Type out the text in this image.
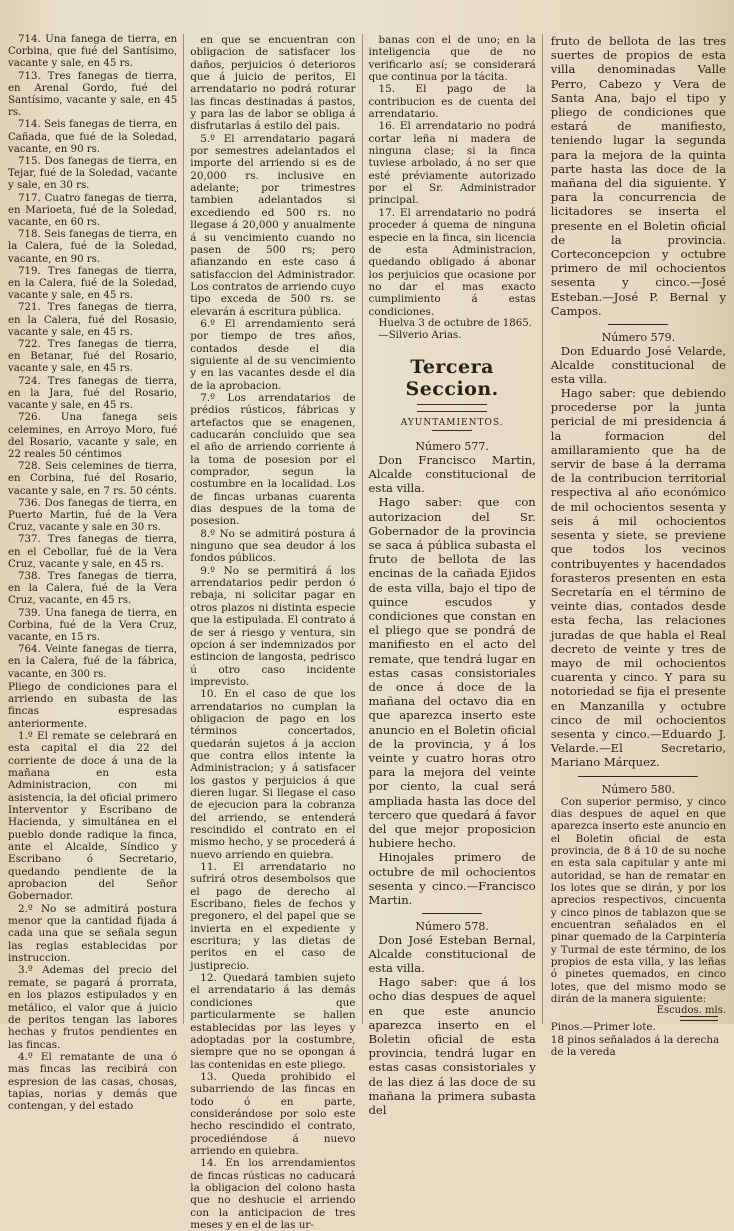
714. Una fanega de tierra, en Corbina, que fué del Santísimo, vacante y sale, en 45 rs.

713. Tres fanegas de tierra, en Arenal Gordo, fué del Santísimo, vacante y sale, en 45 rs.

714. Seis fanegas de tierra, en Cañada, que fué de la Soledad, vacante, en 90 rs.

715. Dos fanegas de tierra, en Tejar, fué de la Soledad, vacante y sale, en 30 rs.

717. Cuatro fanegas de tierra, en Marioeta, fué de la Soledad, vacante, en 60 rs.

718. Seis fanegas de tierra, en la Calera, fué de la Soledad, vacante, en 90 rs.

719. Tres fanegas de tierra, en la Calera, fué de la Soledad, vacante y sale, en 45 rs.

721. Tres fanegas de tierra, en la Calera, fué del Rosasio, vacante y sale, en 45 rs.

722. Tres fanegas de tierra, en Betanar, fué del Rosario, vacante y sale, en 45 rs.

724. Tres fanegas de tierra, en la Jara, fué del Rosario, vacante y sale, en 45 rs.

726. Una fanega seis celemines, en Arroyo Moro, fué del Rosario, vacante y sale, en 22 reales 50 céntimos

728. Seis celemines de tierra, en Corbina, fué del Rosario, vacante y sale, en 7 rs. 50 cénts.

736. Dos fanegas de tierra, en Puerto Martin, fué de la Vera Cruz, vacante y sale en 30 rs.

737. Tres fanegas de tierra, en el Cebollar, fué de la Vera Cruz, vacante y sale, en 45 rs.

738. Tres fanegas de tierra, en la Calera, fué de la Vera Cruz, vacante, en 45 rs.

739. Una fanega de tierra, en Corbina, fué de la Vera Cruz, vacante, en 15 rs.

764. Veinte fanegas de tierra, en la Calera, fué de la fábrica, vacante, en 300 rs.

Pliego de condiciones para el arriendo en subasta de las fincas espresadas anteriormente.

1.º El remate se celebrará en esta capital el dia 22 del corriente de doce á una de la mañana en esta Administracion, con mi asistencia, la del oficial primero Interventor y Escribano de Hacienda, y simultánea en el pueblo donde radique la finca, ante el Alcalde, Síndico y Escribano ó Secretario, quedando pendiente de la aprobacion del Señor Gobernador.

2.º No se admitirá postura menor que la cantidad fijada á cada una que se señala segun las reglas establecidas por instruccion.

3.º Ademas del precio del remate, se pagará á prorrata, en los plazos estipulados y en metálico, el valor que á juicio de peritos tengan las labores hechas y frutos pendientes en las fincas.

4.º El rematante de una ó mas fincas las recibirá con espresion de las casas, chosas, tapias, norias y demás que contengan, y del estado

en que se encuentran con obligacion de satisfacer los daños, perjuicios ó deterioros que á juicio de peritos, El arrendatario no podrá roturar las fincas destinadas á pastos, y para las de labor se obliga á disfrutarlas á estilo del pais.

5.º El arrendatario pagará por semestres adelantados el importe del arriendo si es de 20,000 rs. inclusive en adelante; por trimestres tambien adelantados si excediendo ed 500 rs. no llegase á 20,000 y anualmente á su vencimiento cuando no pasen de 500 rs; pero afianzando en este caso á satisfaccion del Administrador. Los contratos de arriendo cuyo tipo exceda de 500 rs. se elevarán á escritura pública.

6.º El arrendamiento será por tiempo de tres años, contados desde el dia siguiente al de su vencimiento y en las vacantes desde el dia de la aprobacion.

7.º Los arrendatarios de prédios rústicos, fábricas y artefactos que se enagenen, caducarán concluido que sea el año de arriendo corriente á la toma de posesion por el comprador, segun la costumbre en la localidad. Los de fincas urbanas cuarenta dias despues de la toma de posesion.

8.º No se admitirá postura á ninguno que sea deudor á los fondos públicos.

9.º No se permitirá á los arrendatarios pedir perdon ó rebaja, ni solicitar pagar en otros plazos ni distinta especie que la estipulada. El contrato á de ser á riesgo y ventura, sin opcion á ser indemnizados por estincion de langosta, pedrisco ú otro caso incidente imprevisto.

10. En el caso de que los arrendatarios no cumplan la obligacion de pago en los términos concertados, quedarán sujetos á ja accion que contra ellos intente la Administracion; y á satisfacer los gastos y perjuicios á que dieren lugar. Si llegase el caso de ejecucion para la cobranza del arriendo, se entenderá rescindido el contrato en el mismo hecho, y se procederá á nuevo arriendo en quiebra.

11. El arrendatario no sufrirá otros desembolsos que el pago de derecho al Escribano, fieles de fechos y pregonero, el del papel que se invierta en el expediente y escritura; y las dietas de peritos en el caso de justiprecio.

12. Quedará tambien sujeto el arrendatario á las demás condiciones que particularmente se hallen establecidas por las leyes y adoptadas por la costumbre, siempre que no se opongan á las contenidas en este pliego.

13. Queda prohibido el subarriendo de las fincas en todo ó en parte, considerándose por solo este hecho rescindido el contrato, procediéndose á nuevo arriendo en quiebra.

14. En los arrendamientos de fincas rústicas no caducará la obligacion del colono hasta que no deshucie el arriendo con la anticipacion de tres meses y en el de las ur-

banas con el de uno; en la inteligencia que de no verificarlo así; se considerará que continua por la tácita.

15. El pago de la contribucion es de cuenta del arrendatario.

16. El arrendatario no podrá cortar leña ni madera de ninguna clase; si la finca tuviese arbolado, á no ser que esté préviamente autorizado por el Sr. Administrador principal.

17. El arrendatario no podrá proceder á quema de ninguna especie en la finca, sin licencia de esta Administracion, quedando obligado á abonar los perjuicios que ocasione por no dar el mas exacto cumplimiento á estas condiciones.

Huelva 3 de octubre de 1865.

—Silverio Arias.

Tercera Seccion.
AYUNTAMIENTOS.

Número 577.

Don Francisco Martin, Alcalde constitucional de esta villa.

Hago saber: que con autorizacion del Sr. Gobernador de la provincia se saca á pública subasta el fruto de bellota de las encinas de la cañada Ejidos de esta villa, bajo el tipo de quince escudos y condiciones que constan en el pliego que se pondrá de manifiesto en el acto del remate, que tendrá lugar en estas casas consistoriales de once á doce de la mañana del octavo dia en que aparezca inserto este anuncio en el Boletin oficial de la provincia, y á los veinte y cuatro horas otro para la mejora del veinte por ciento, la cual será ampliada hasta las doce del tercero que quedará á favor del que mejor proposicion hubiere hecho.

Hinojales primero de octubre de mil ochocientos sesenta y cinco.—Francisco Martin.

Número 578.

Don José Esteban Bernal, Alcalde constitucional de esta villa.

Hago saber: que á los ocho dias despues de aquel en que este anuncio aparezca inserto en el Boletin oficial de esta provincia, tendrá lugar en estas casas consistoriales y de las diez á las doce de su mañana la primera subasta del

fruto de bellota de las tres suertes de propios de esta villa denominadas Valle Perro, Cabezo y Vera de Santa Ana, bajo el tipo y pliego de condiciones que estará de manifiesto, teniendo lugar la segunda para la mejora de la quinta parte hasta las doce de la mañana del dia siguiente. Y para la concurrencia de licitadores se inserta el presente en el Boletin oficial de la provincia. Corteconcepcion y octubre primero de mil ochocientos sesenta y cinco.—José Esteban.—José P. Bernal y Campos.

Número 579.

Don Eduardo José Velarde, Alcalde constitucional de esta villa.

Hago saber: que debiendo procederse por la junta pericial de mi presidencia á la formacion del amillaramiento que ha de servir de base á la derrama de la contribucion territorial respectiva al año económico de mil ochocientos sesenta y seis á mil ochocientos sesenta y siete, se previene que todos los vecinos contribuyentes y hacendados forasteros presenten en esta Secretaría en el término de veinte dias, contados desde esta fecha, las relaciones juradas de que habla el Real decreto de veinte y tres de mayo de mil ochocientos cuarenta y cinco. Y para su notoriedad se fija el presente en Manzanilla y octubre cinco de mil ochocientos sesenta y cinco.—Eduardo J. Velarde.—El Secretario, Mariano Márquez.

Número 580.

Con superior permiso, y cinco dias despues de aquel en que aparezca inserto este anuncio en el Boletin oficial de esta provincia, de 8 á 10 de su noche en esta sala capitular y ante mi autoridad, se han de rematar en los lotes que se dirán, y por los aprecios respectivos, cincuenta y cinco pinos de tablazon que se encuentran señalados en el pinar quemado de la Carpintería y Turmal de este término, de los propios de esta villa, y las leñas ó pinetes quemados, en cinco lotes, que del mismo modo se dirán de la manera siguiente:

Escudos. mls.

Pinos.—Primer lote.

18 pinos señalados á la derecha de la vereda
